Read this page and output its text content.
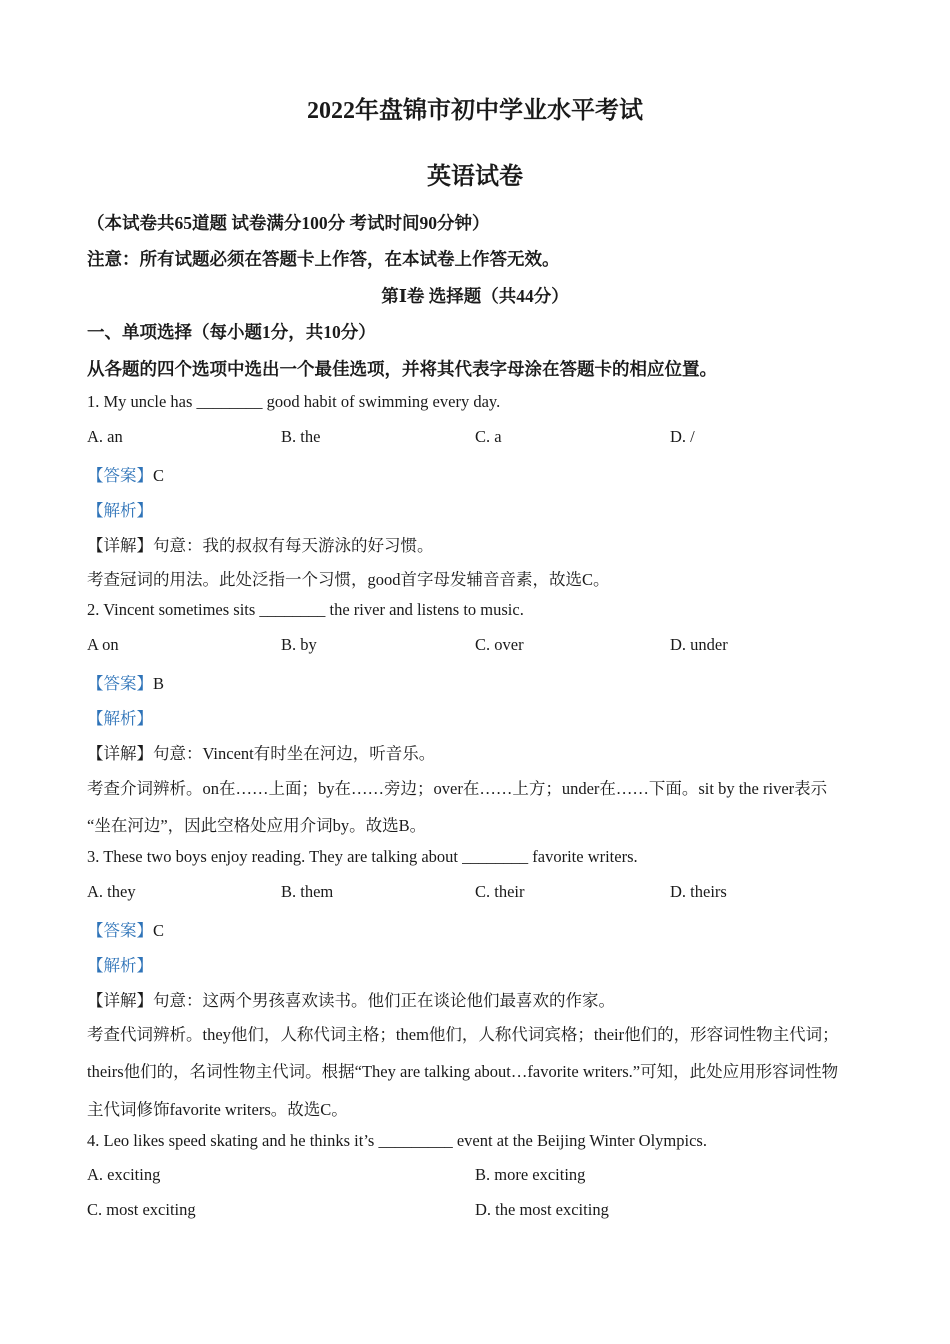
2022年盘锦市初中学业水平考试
英语试卷
（本试卷共65道题 试卷满分100分 考试时间90分钟）
注意：所有试题必须在答题卡上作答，在本试卷上作答无效。
第Ⅰ卷 选择题（共44分）
一、单项选择（每小题1分，共10分）
从各题的四个选项中选出一个最佳选项，并将其代表字母涂在答题卡的相应位置。
1. My uncle has ________ good habit of swimming every day.
A. an	B. the	C. a	D. /
【答案】C
【解析】
【详解】句意：我的叔叔有每天游泳的好习惯。
考查冠词的用法。此处泛指一个习惯，good首字母发辅音音素，故选C。
2. Vincent sometimes sits ________ the river and listens to music.
A on	B. by	C. over	D. under
【答案】B
【解析】
【详解】句意：Vincent有时坐在河边，听音乐。
考查介词辨析。on在……上面；by在……旁边；over在……上方；under在……下面。sit by the river表示
“坐在河边”，因此空格处应用介词by。故选B。
3. These two boys enjoy reading. They are talking about ________ favorite writers.
A. they	B. them	C. their	D. theirs
【答案】C
【解析】
【详解】句意：这两个男孩喜欢读书。他们正在谈论他们最喜欢的作家。
考查代词辨析。they他们，人称代词主格；them他们，人称代词宾格；their他们的，形容词性物主代词；
theirs他们的，名词性物主代词。根据“They are talking about…favorite writers.”可知，此处应用形容词性物
主代词修饰favorite writers。故选C。
4. Leo likes speed skating and he thinks it’s _________ event at the Beijing Winter Olympics.
A. exciting	B. more exciting
C. most exciting	D. the most exciting
